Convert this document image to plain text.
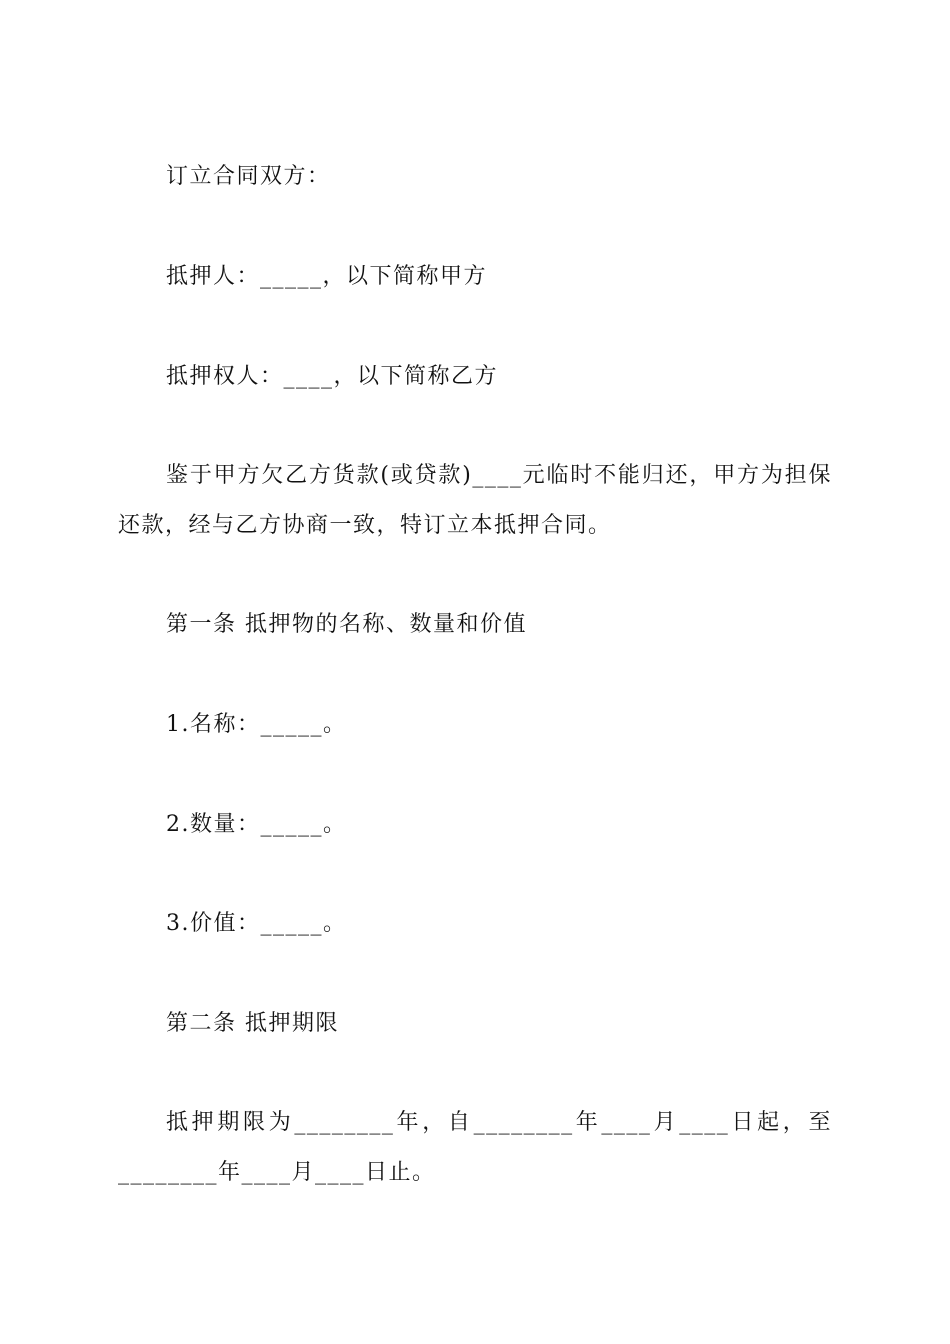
订立合同双方：
抵押人：_____，以下简称甲方
抵押权人：____，以下简称乙方
鉴于甲方欠乙方货款(或贷款)____元临时不能归还，甲方为担保还款，经与乙方协商一致，特订立本抵押合同。
第一条 抵押物的名称、数量和价值
1.名称：_____。
2.数量：_____。
3.价值：_____。
第二条 抵押期限
抵押期限为________年，自________年____月____日起，至________年____月____日止。
